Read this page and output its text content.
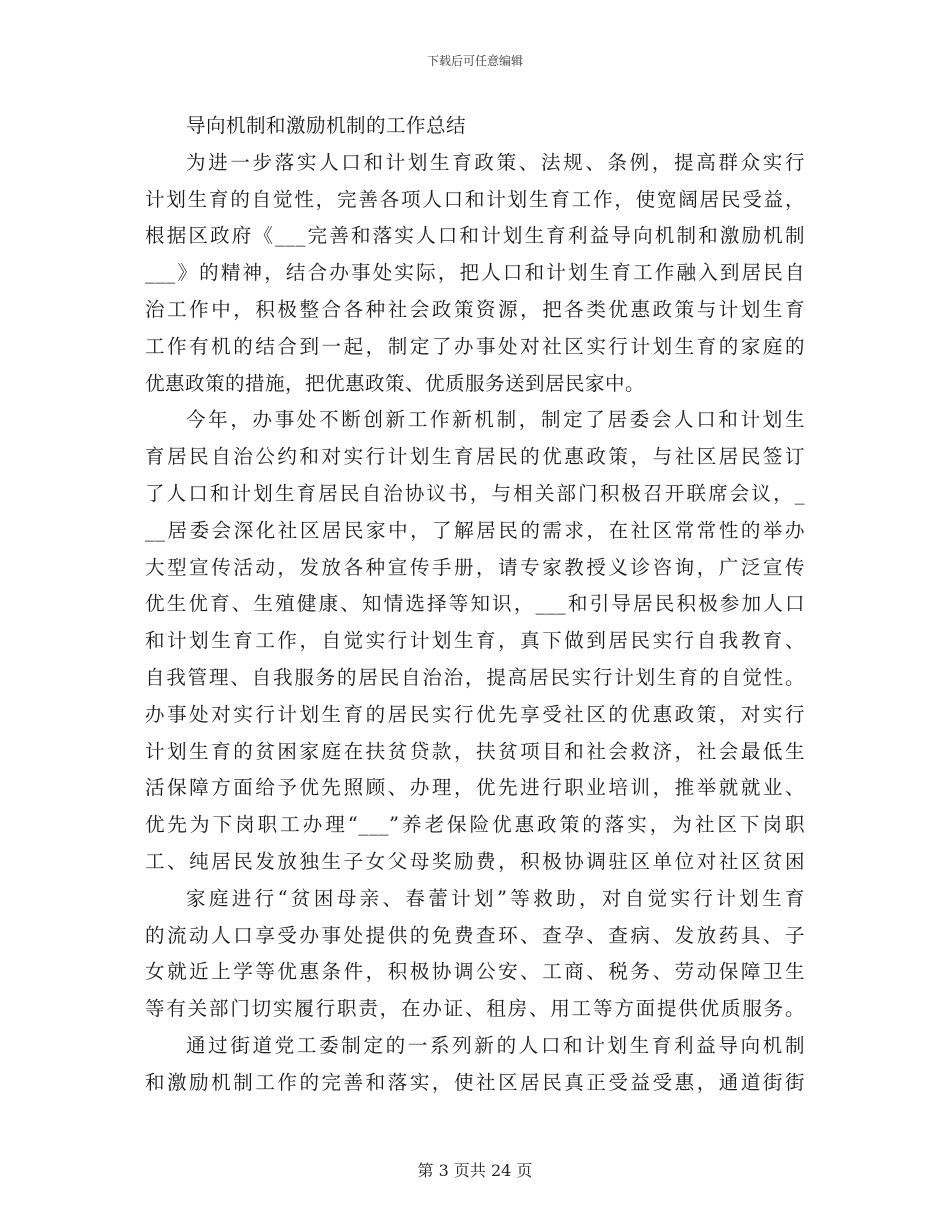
下载后可任意编辑
导向机制和激励机制的工作总结
为进一步落实人口和计划生育政策、法规、条例，提高群众实行
计划生育的自觉性，完善各项人口和计划生育工作，使宽阔居民受益，
根据区政府《___完善和落实人口和计划生育利益导向机制和激励机制
___》的精神，结合办事处实际，把人口和计划生育工作融入到居民自
治工作中，积极整合各种社会政策资源，把各类优惠政策与计划生育
工作有机的结合到一起，制定了办事处对社区实行计划生育的家庭的
优惠政策的措施，把优惠政策、优质服务送到居民家中。
今年，办事处不断创新工作新机制，制定了居委会人口和计划生
育居民自治公约和对实行计划生育居民的优惠政策，与社区居民签订
了人口和计划生育居民自治协议书，与相关部门积极召开联席会议，_
__居委会深化社区居民家中，了解居民的需求，在社区常常性的举办
大型宣传活动，发放各种宣传手册，请专家教授义诊咨询，广泛宣传
优生优育、生殖健康、知情选择等知识，___和引导居民积极参加人口
和计划生育工作，自觉实行计划生育，真下做到居民实行自我教育、
自我管理、自我服务的居民自治治，提高居民实行计划生育的自觉性。
办事处对实行计划生育的居民实行优先享受社区的优惠政策，对实行
计划生育的贫困家庭在扶贫贷款，扶贫项目和社会救济，社会最低生
活保障方面给予优先照顾、办理，优先进行职业培训，推举就就业、
优先为下岗职工办理“___”养老保险优惠政策的落实，为社区下岗职
工、纯居民发放独生子女父母奖励费，积极协调驻区单位对社区贫困
家庭进行“贫困母亲、春蕾计划”等救助，对自觉实行计划生育
的流动人口享受办事处提供的免费查环、查孕、查病、发放药具、子
女就近上学等优惠条件，积极协调公安、工商、税务、劳动保障卫生
等有关部门切实履行职责，在办证、租房、用工等方面提供优质服务。
通过街道党工委制定的一系列新的人口和计划生育利益导向机制
和激励机制工作的完善和落实，使社区居民真正受益受惠，通道街街
第 3 页共 24 页
